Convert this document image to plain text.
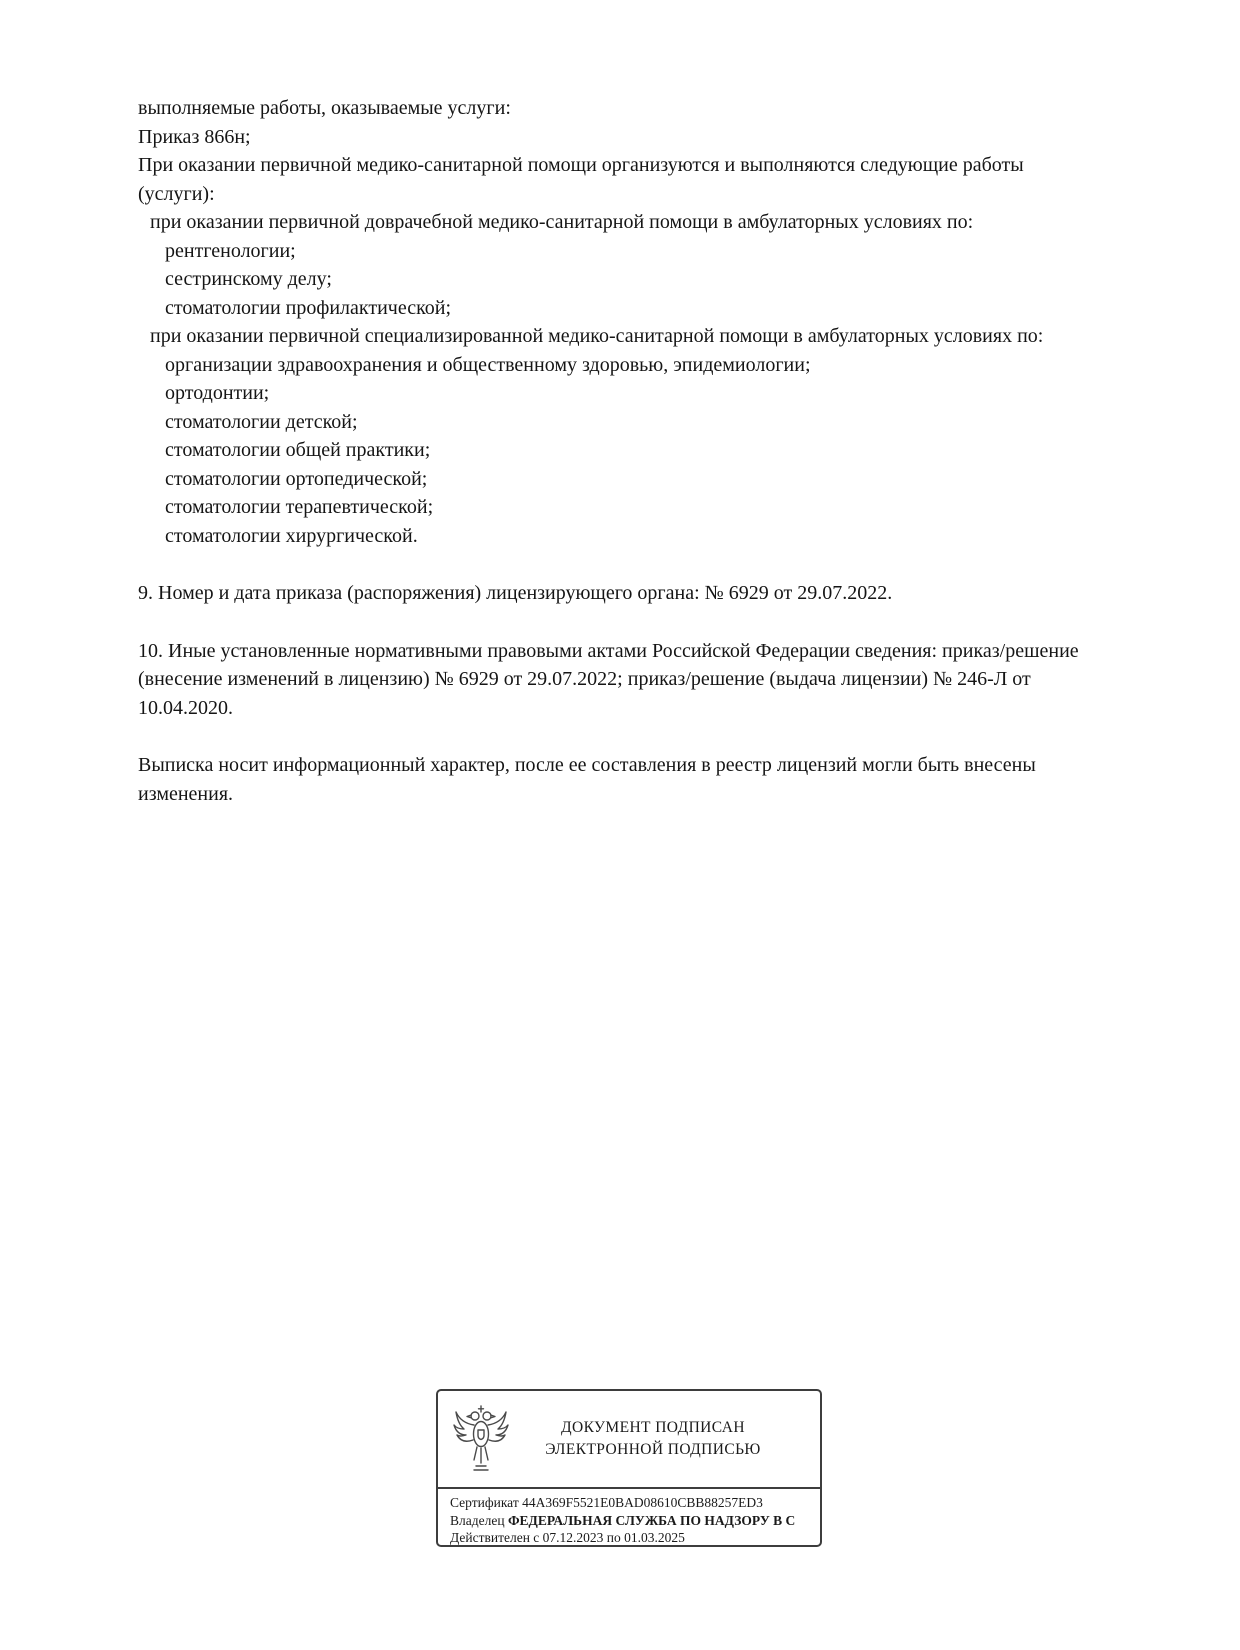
выполняемые работы, оказываемые услуги:
Приказ 866н;
При оказании первичной медико-санитарной помощи организуются и выполняются следующие работы (услуги):
при оказании первичной доврачебной медико-санитарной помощи в амбулаторных условиях по:
рентгенологии;
сестринскому делу;
стоматологии профилактической;
при оказании первичной специализированной медико-санитарной помощи в амбулаторных условиях по:
организации здравоохранения и общественному здоровью, эпидемиологии;
ортодонтии;
стоматологии детской;
стоматологии общей практики;
стоматологии ортопедической;
стоматологии терапевтической;
стоматологии хирургической.
9. Номер и дата приказа (распоряжения) лицензирующего органа: № 6929 от 29.07.2022.
10. Иные установленные нормативными правовыми актами Российской Федерации сведения: приказ/решение (внесение изменений в лицензию) № 6929 от 29.07.2022; приказ/решение (выдача лицензии) № 246-Л от 10.04.2020.
Выписка носит информационный характер, после ее составления в реестр лицензий могли быть внесены изменения.
ДОКУМЕНТ ПОДПИСАН
ЭЛЕКТРОННОЙ ПОДПИСЬЮ
Сертификат 44A369F5521E0BAD08610CBB88257ED3
Владелец ФЕДЕРАЛЬНАЯ СЛУЖБА ПО НАДЗОРУ В С
Действителен с 07.12.2023 по 01.03.2025
